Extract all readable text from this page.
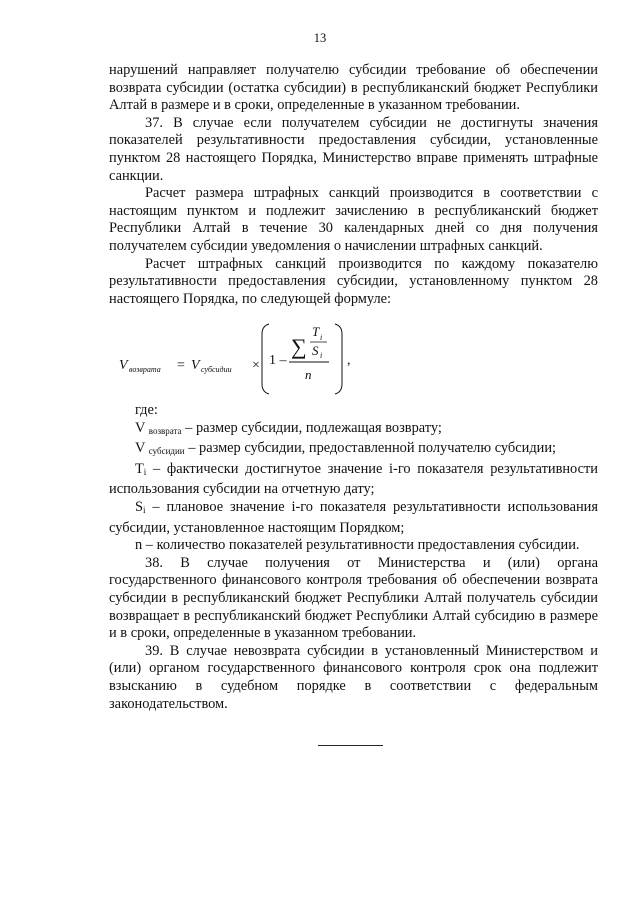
13

нарушений направляет получателю субсидии требование об обеспечении возврата субсидии (остатка субсидии) в республиканский бюджет Республики Алтай в размере и в сроки, определенные в указанном требовании.

37. В случае если получателем субсидии не достигнуты значения показателей результативности предоставления субсидии, установленные пунктом 28 настоящего Порядка, Министерство вправе применять штрафные санкции.

Расчет размера штрафных санкций производится в соответствии с настоящим пунктом и подлежит зачислению в республиканский бюджет Республики Алтай в течение 30 календарных дней со дня получения получателем субсидии уведомления о начислении штрафных санкций.

Расчет штрафных санкций производится по каждому показателю результативности предоставления субсидии, установленному пунктом 28 настоящего Порядка, по следующей формуле:

V возврата = V субсидии × 1 –
∑
T i
S i
n
,

где:

V $_{возврата}$ – размер субсидии, подлежащая возврату;

V $_{субсидии}$ – размер субсидии, предоставленной получателю субсидии;

$T_i$ – фактически достигнутое значение i-го показателя результативности использования субсидии на отчетную дату;

$S_i$ – плановое значение i-го показателя результативности использования субсидии, установленное настоящим Порядком;

n – количество показателей результативности предоставления субсидии.

38. В случае получения от Министерства и (или) органа государственного финансового контроля требования об обеспечении возврата субсидии в республиканский бюджет Республики Алтай получатель субсидии возвращает в республиканский бюджет Республики Алтай субсидию в размере и в сроки, определенные в указанном требовании.

39. В случае невозврата субсидии в установленный Министерством и (или) органом государственного финансового контроля срок она подлежит взысканию в судебном порядке в соответствии с федеральным законодательством.
